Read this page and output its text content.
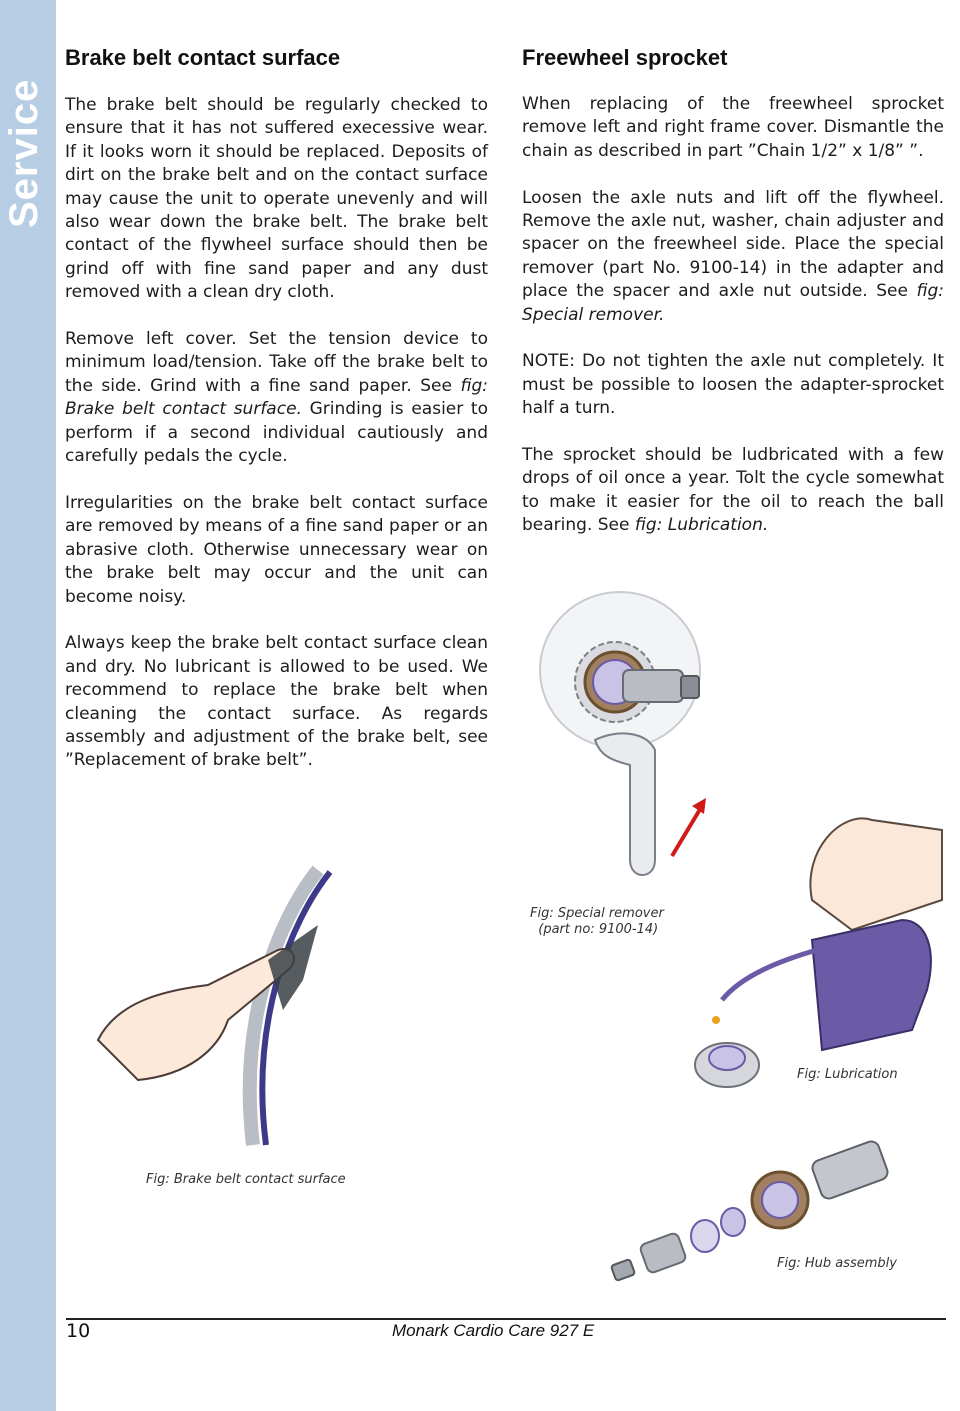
Service
Brake belt contact surface

The brake belt should be regularly checked to ensure that it has not suffered execessive wear. If it looks worn it should be replaced. Deposits of dirt on the brake belt and on the contact surface may cause the unit to operate unevenly and will also wear down the brake belt. The brake belt contact of the flywheel surface should then be grind off with fine sand paper and any dust removed with a clean dry cloth.

Remove left cover. Set the tension device to minimum load/tension. Take off the brake belt to the side. Grind with a fine sand paper. See fig: Brake belt contact surface. Grinding is easier to perform if a second individual cautiously and carefully pedals the cycle.

Irregularities on the brake belt contact surface are removed by means of a fine sand paper or an abrasive cloth. Otherwise unnecessary wear on the brake belt may occur and the unit can become noisy.

Always keep the brake belt contact surface clean and dry. No lubricant is allowed to be used. We recommend to replace the brake belt when cleaning the contact surface. As regards assembly and adjustment of the brake belt, see ”Replacement of brake belt”.

Freewheel sprocket

When replacing of the freewheel sprocket remove left and right frame cover. Dismantle the chain as described in part ”Chain 1/2” x 1/8” ”.

Loosen the axle nuts and lift off the flywheel. Remove the axle nut, washer, chain adjuster and spacer on the freewheel side. Place the special remover (part No. 9100-14) in the adapter and place the spacer and axle nut outside. See fig: Special remover.

NOTE: Do not tighten the axle nut completely. It must be possible to loosen the adapter-sprocket half a turn.

The sprocket should be ludbricated with a few drops of oil once a year. Tolt the cycle somewhat to make it easier for the oil to reach the ball bearing. See fig: Lubrication.

Fig: Special remover
(part no: 9100-14)
Fig: Lubrication
Fig: Brake belt contact surface
Fig: Hub assembly
10	Monark Cardio Care 927 E
